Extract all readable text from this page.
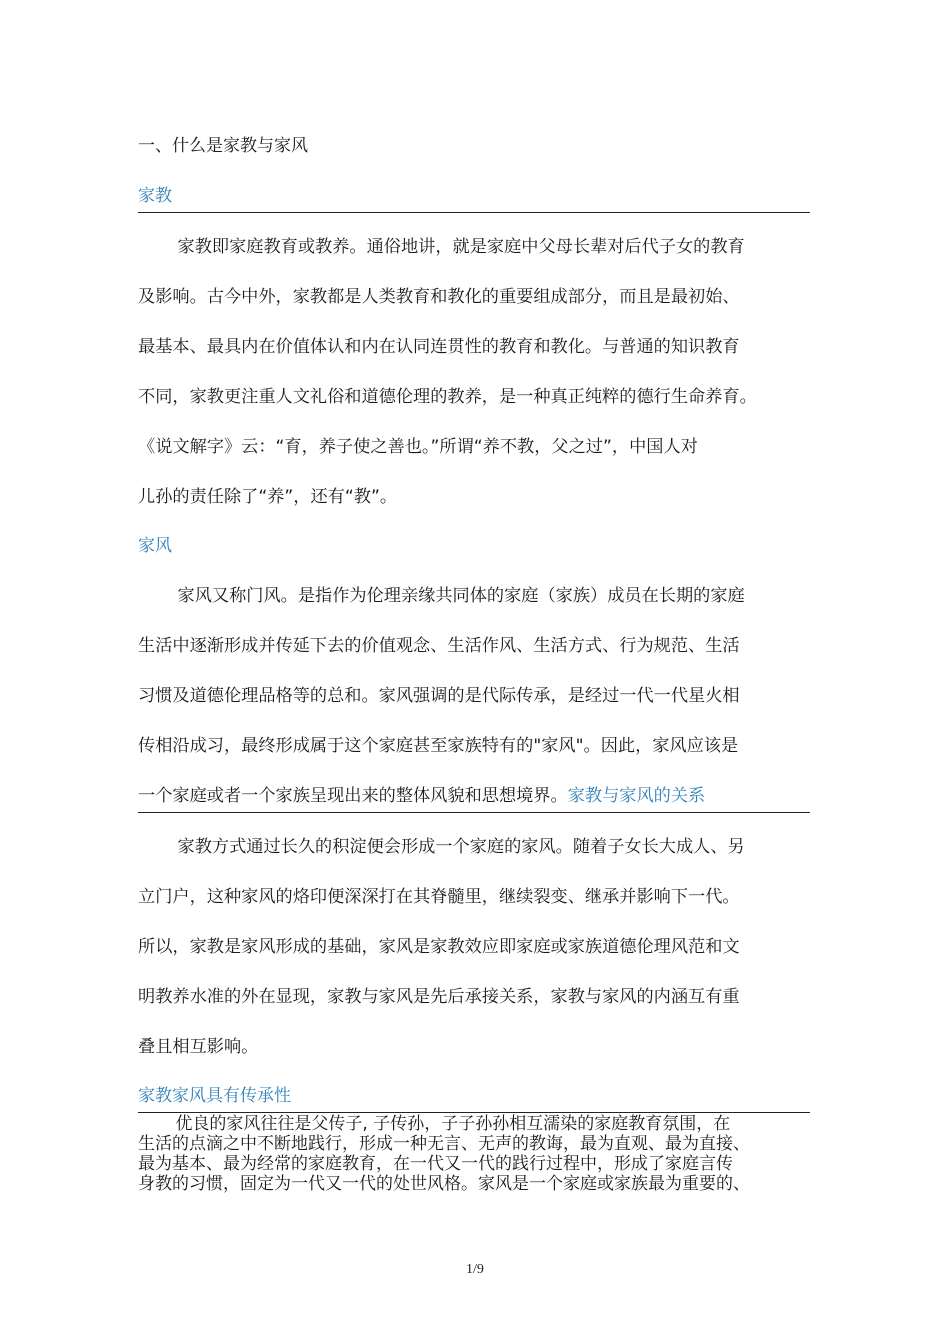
一、什么是家教与家风
家教
家教即家庭教育或教养。通俗地讲，就是家庭中父母长辈对后代子女的教育
及影响。古今中外，家教都是人类教育和教化的重要组成部分，而且是最初始、
最基本、最具内在价值体认和内在认同连贯性的教育和教化。与普通的知识教育
不同，家教更注重人文礼俗和道德伦理的教养，是一种真正纯粹的德行生命养育。
《说文解字》云：“育，养子使之善也。”所谓“养不教，父之过”，中国人对
儿孙的责任除了“养”，还有“教”。
家风
家风又称门风。是指作为伦理亲缘共同体的家庭（家族）成员在长期的家庭
生活中逐渐形成并传延下去的价值观念、生活作风、生活方式、行为规范、生活
习惯及道德伦理品格等的总和。家风强调的是代际传承，是经过一代一代星火相
传相沿成习，最终形成属于这个家庭甚至家族特有的"家风"。因此，家风应该是
一个家庭或者一个家族呈现出来的整体风貌和思想境界。家教与家风的关系
家教方式通过长久的积淀便会形成一个家庭的家风。随着子女长大成人、另
立门户，这种家风的烙印便深深打在其脊髓里，继续裂变、继承并影响下一代。
所以，家教是家风形成的基础，家风是家教效应即家庭或家族道德伦理风范和文
明教养水准的外在显现，家教与家风是先后承接关系，家教与家风的内涵互有重
叠且相互影响。
家教家风具有传承性
优良的家风往往是父传子, 子传孙，子子孙孙相互濡染的家庭教育氛围，在
生活的点滴之中不断地践行，形成一种无言、无声的教诲，最为直观、最为直接、
最为基本、最为经常的家庭教育，在一代又一代的践行过程中，形成了家庭言传
身教的习惯，固定为一代又一代的处世风格。家风是一个家庭或家族最为重要的、
1/9
